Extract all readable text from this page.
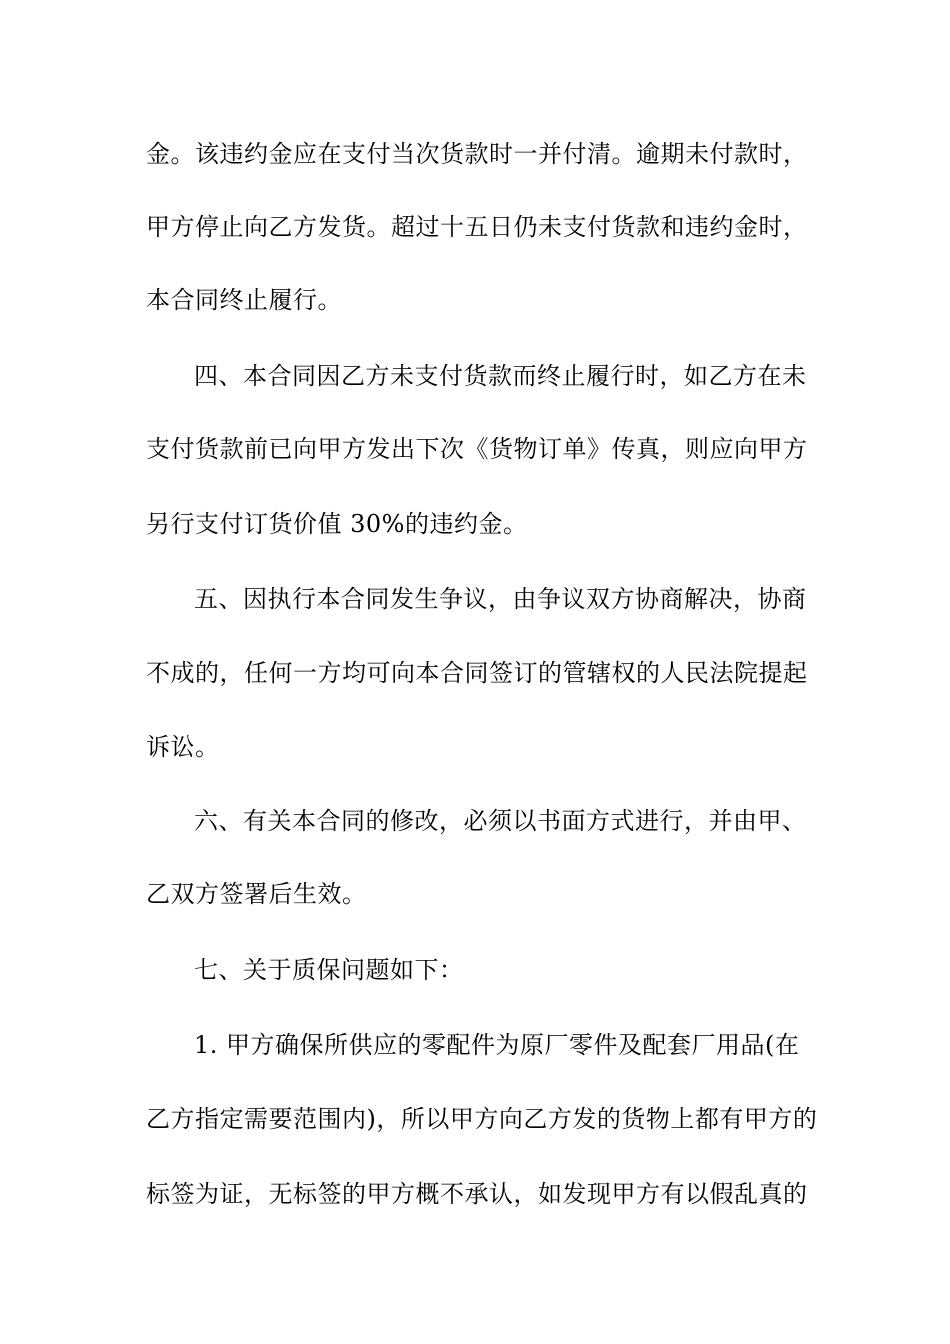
金。该违约金应在支付当次货款时一并付清。逾期未付款时，
甲方停止向乙方发货。超过十五日仍未支付货款和违约金时，
本合同终止履行。
四、本合同因乙方未支付货款而终止履行时，如乙方在未
支付货款前已向甲方发出下次《货物订单》传真，则应向甲方
另行支付订货价值 30%的违约金。
五、因执行本合同发生争议，由争议双方协商解决，协商
不成的，任何一方均可向本合同签订的管辖权的人民法院提起
诉讼。
六、有关本合同的修改，必须以书面方式进行，并由甲、
乙双方签署后生效。
七、关于质保问题如下：
1. 甲方确保所供应的零配件为原厂零件及配套厂用品(在
乙方指定需要范围内)，所以甲方向乙方发的货物上都有甲方的
标签为证，无标签的甲方概不承认，如发现甲方有以假乱真的
